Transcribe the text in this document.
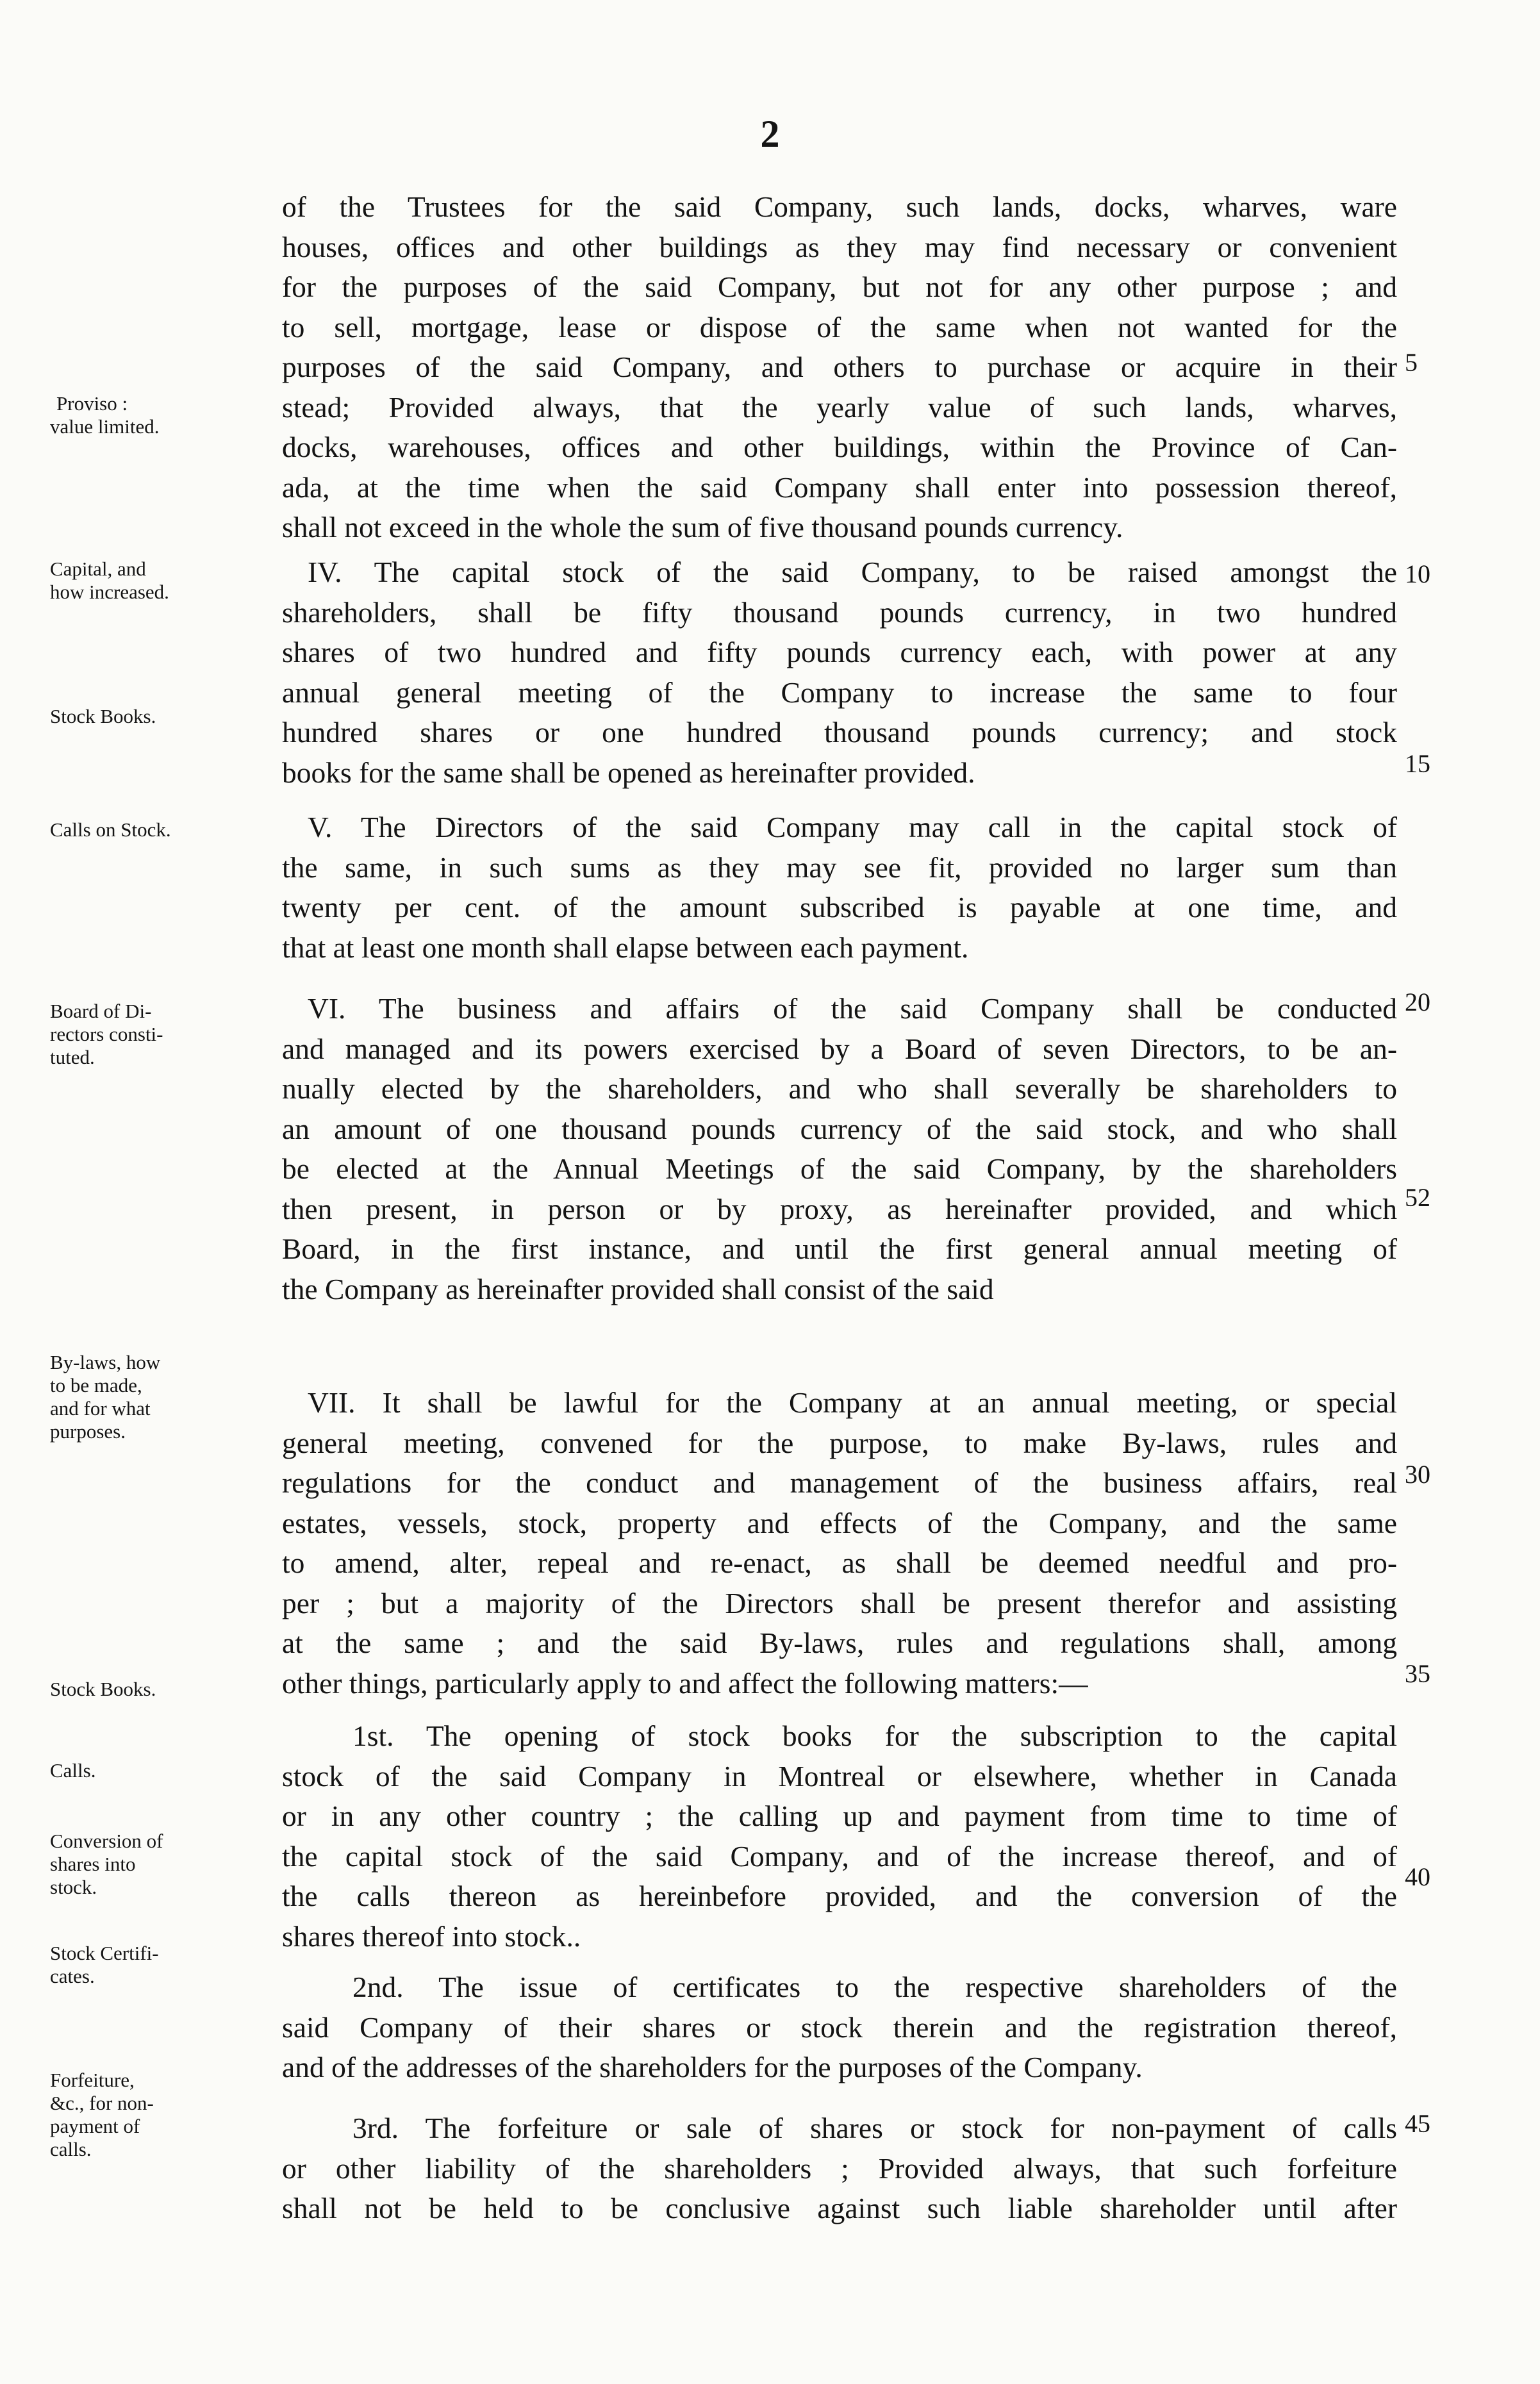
2
of the Trustees for the said Company, such lands, docks, wharves, ware
houses, offices and other buildings as they may find necessary or convenient
for the purposes of the said Company, but not for any other purpose ; and
to sell, mortgage, lease or dispose of the same when not wanted for the
purposes of the said Company, and others to purchase or acquire in their
stead; Provided always, that the yearly value of such lands, wharves,
docks, warehouses, offices and other buildings, within the Province of Can-
ada, at the time when the said Company shall enter into possession thereof,
shall not exceed in the whole the sum of five thousand pounds currency.
IV. The capital stock of the said Company, to be raised amongst the
shareholders, shall be fifty thousand pounds currency, in two hundred
shares of two hundred and fifty pounds currency each, with power at any
annual general meeting of the Company to increase the same to four
hundred shares or one hundred thousand pounds currency; and stock
books for the same shall be opened as hereinafter provided.
V. The Directors of the said Company may call in the capital stock of
the same, in such sums as they may see fit, provided no larger sum than
twenty per cent. of the amount subscribed is payable at one time, and
that at least one month shall elapse between each payment.
VI. The business and affairs of the said Company shall be conducted
and managed and its powers exercised by a Board of seven Directors, to be an-
nually elected by the shareholders, and who shall severally be shareholders to
an amount of one thousand pounds currency of the said stock, and who shall
be elected at the Annual Meetings of the said Company, by the shareholders
then present, in person or by proxy, as hereinafter provided, and which
Board, in the first instance, and until the first general annual meeting of
the Company as hereinafter provided shall consist of the said
VII. It shall be lawful for the Company at an annual meeting, or special
general meeting, convened for the purpose, to make By-laws, rules and
regulations for the conduct and management of the business affairs, real
estates, vessels, stock, property and effects of the Company, and the same
to amend, alter, repeal and re-enact, as shall be deemed needful and pro-
per ; but a majority of the Directors shall be present therefor and assisting
at the same ; and the said By-laws, rules and regulations shall, among
other things, particularly apply to and affect the following matters:—
1st. The opening of stock books for the subscription to the capital
stock of the said Company in Montreal or elsewhere, whether in Canada
or in any other country ; the calling up and payment from time to time of
the capital stock of the said Company, and of the increase thereof, and of
the calls thereon as hereinbefore provided, and the conversion of the
shares thereof into stock..
2nd. The issue of certificates to the respective shareholders of the
said Company of their shares or stock therein and the registration thereof,
and of the addresses of the shareholders for the purposes of the Company.
3rd. The forfeiture or sale of shares or stock for non-payment of calls
or other liability of the shareholders ; Provided always, that such forfeiture
shall not be held to be conclusive against such liable shareholder until after
Proviso :
value limited.
Capital, and
how increased.
Stock Books.
Calls on Stock.
Board of Di-
rectors consti-
tuted.
By-laws, how
to be made,
and for what
purposes.
Stock Books.
Calls.
Conversion of
shares into
stock.
Stock Certifi-
cates.
Forfeiture,
&c., for non-
payment of
calls.
5
10
15
20
52
30
35
40
45
